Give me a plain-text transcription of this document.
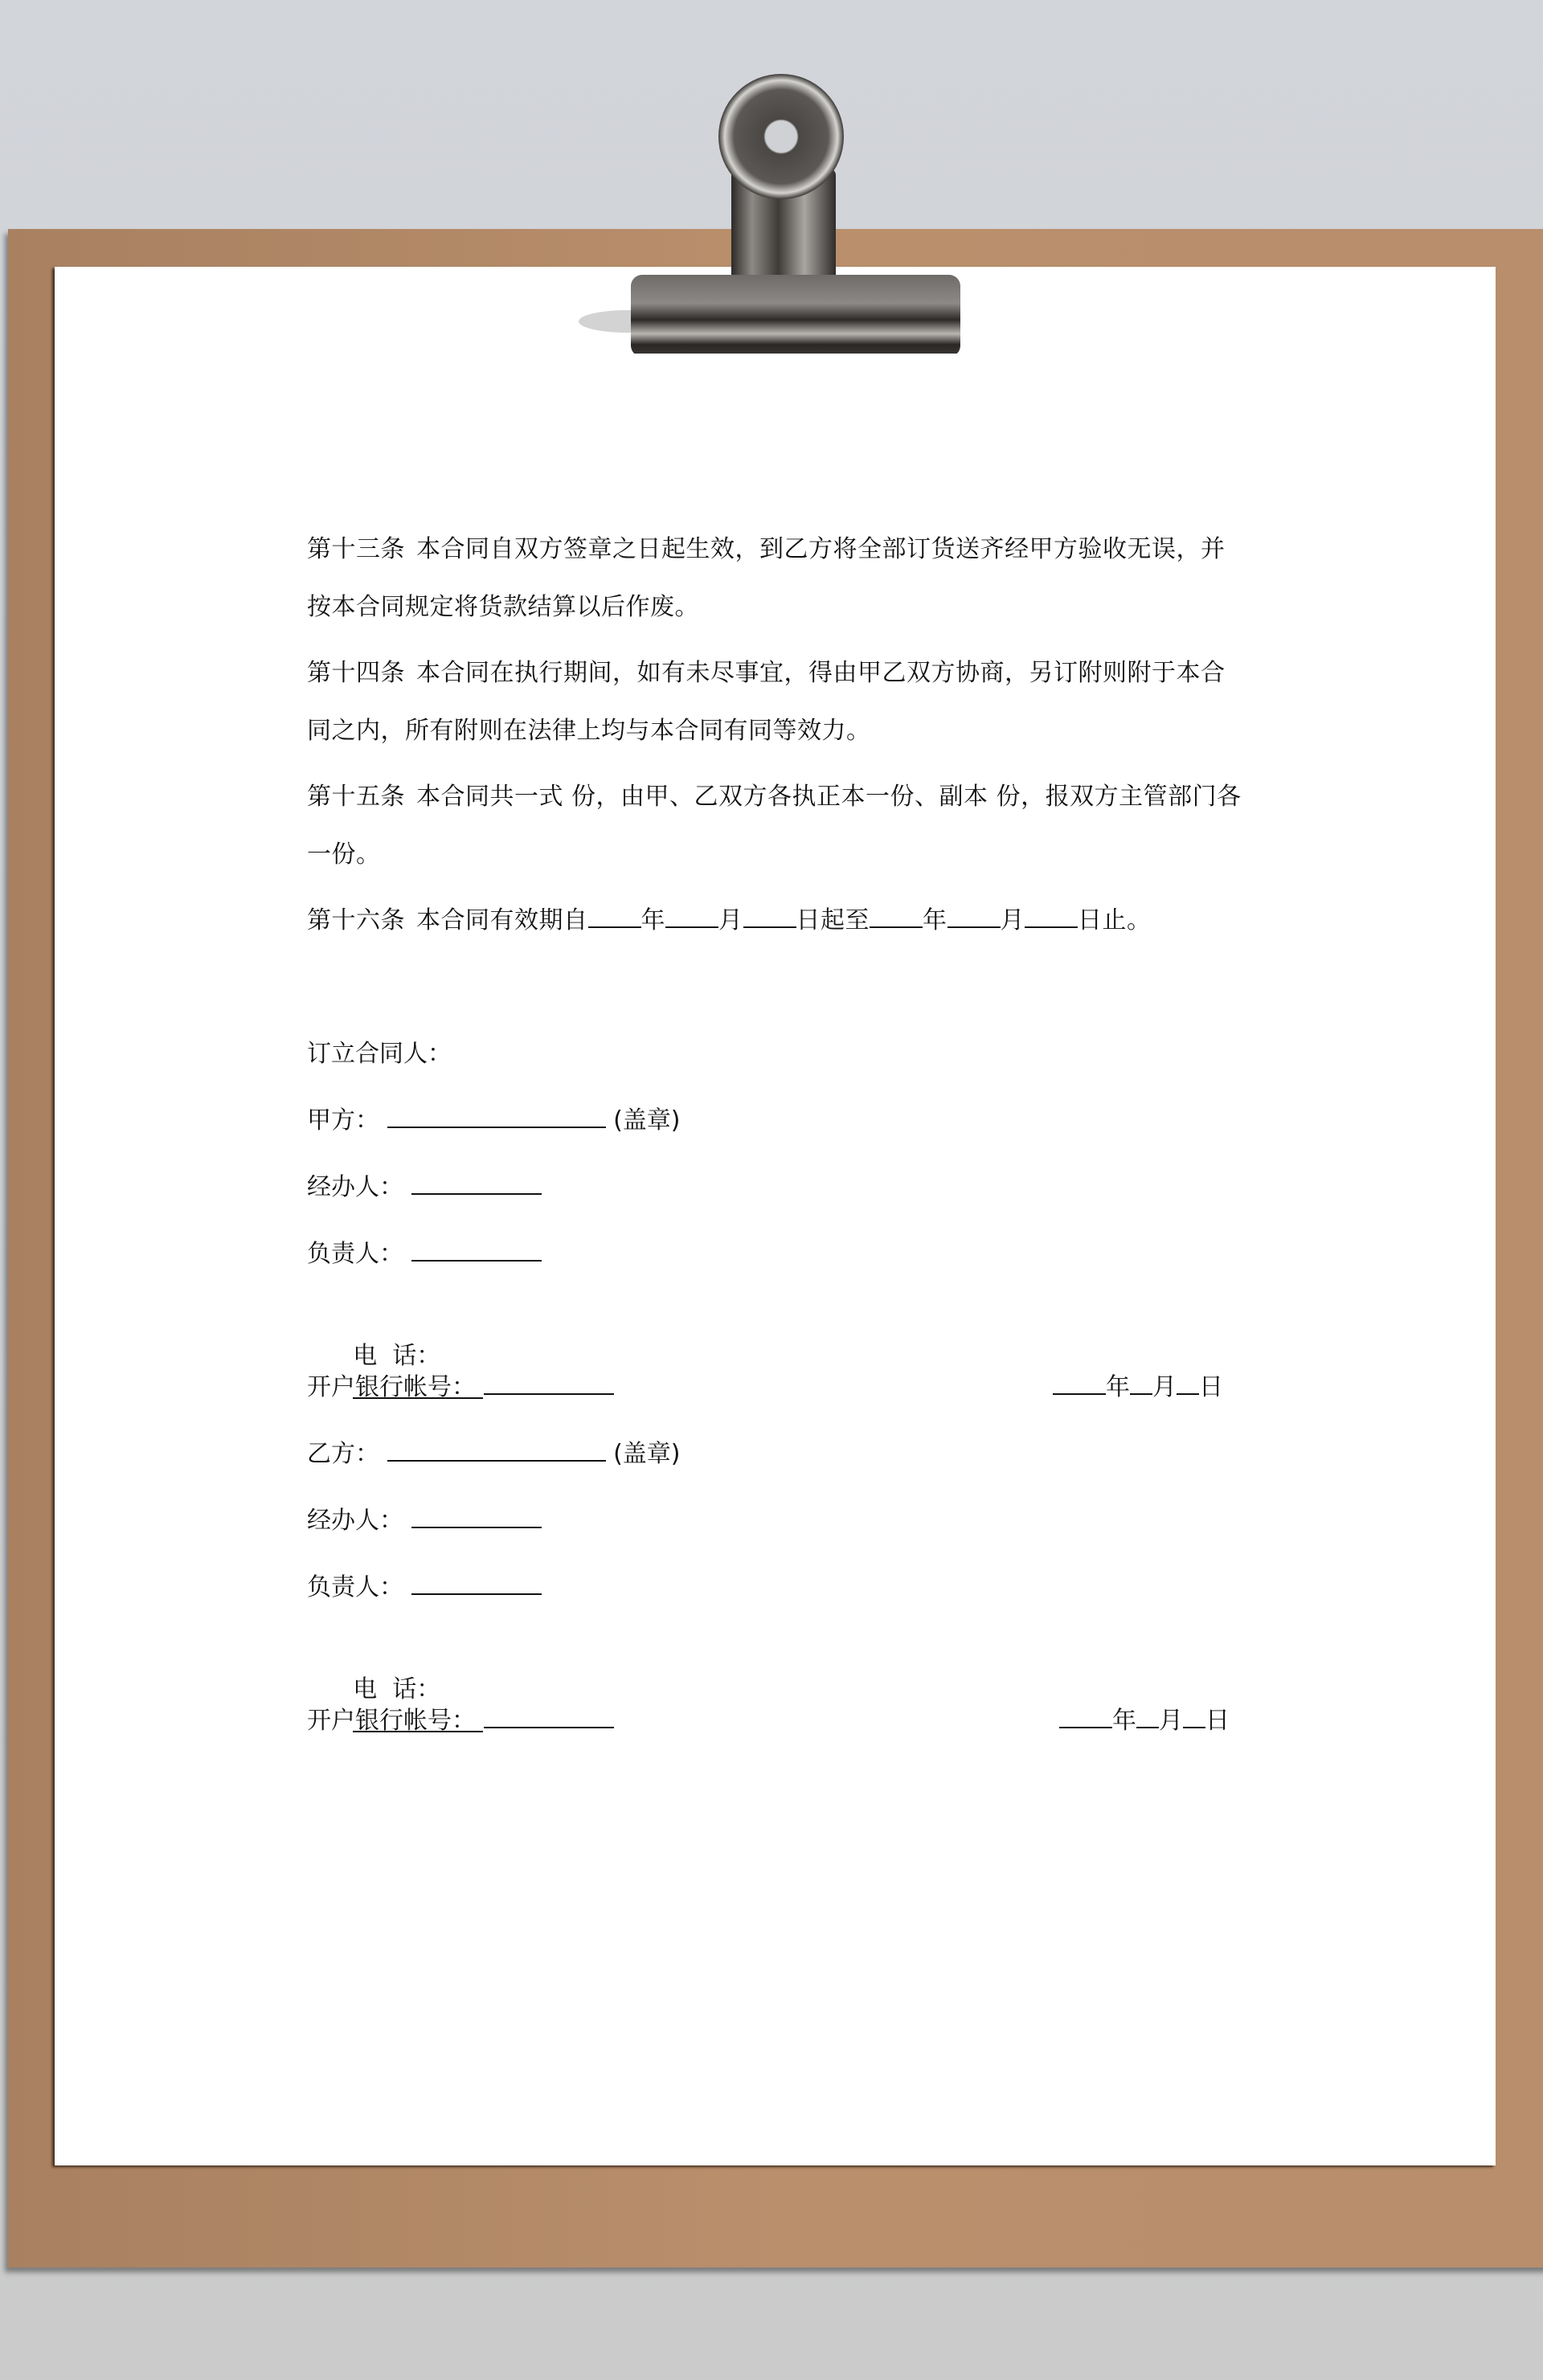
第十三条 本合同自双方签章之日起生效，到乙方将全部订货送齐经甲方验收无误，并按本合同规定将货款结算以后作废。

第十四条 本合同在执行期间，如有未尽事宜，得由甲乙双方协商，另订附则附于本合同之内，所有附则在法律上均与本合同有同等效力。

第十五条 本合同共一式 份，由甲、乙双方各执正本一份、副本 份，报双方主管部门各一份。

第十六条 本合同有效期自 年 月 日起至 年 月 日止。

订立合同人：
甲方：	(盖章)
经办人：
负责人：

电  话：

开户银行帐号：	年 月 日
乙方：	(盖章)
经办人：
负责人：

电  话：

开户银行帐号：	年 月 日
